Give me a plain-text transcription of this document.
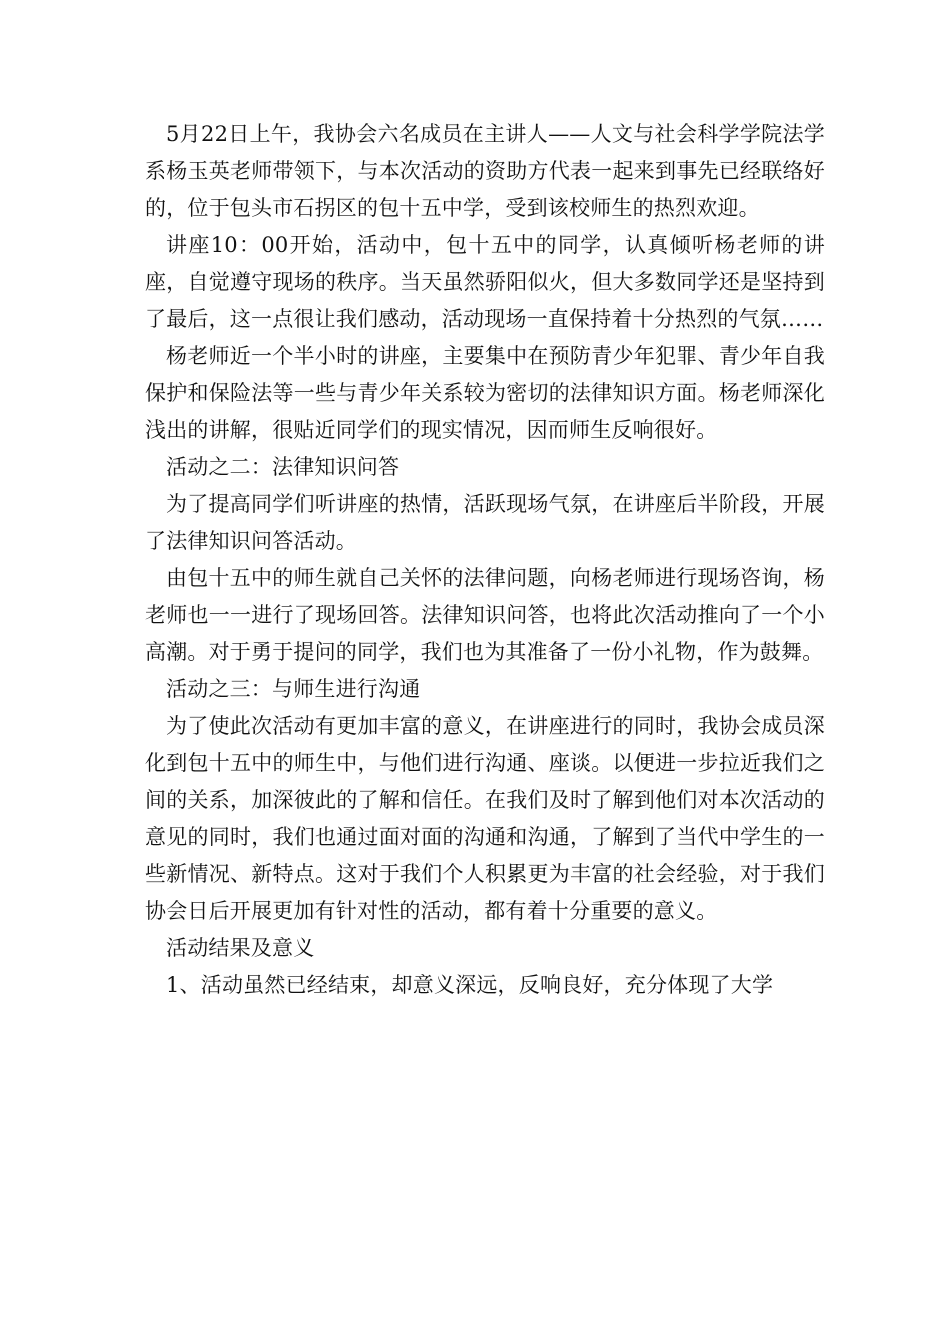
5月22日上午，我协会六名成员在主讲人——人文与社会科学学院法学系杨玉英老师带领下，与本次活动的资助方代表一起来到事先已经联络好的，位于包头市石拐区的包十五中学，受到该校师生的热烈欢迎。

讲座10：00开始，活动中，包十五中的同学，认真倾听杨老师的讲座，自觉遵守现场的秩序。当天虽然骄阳似火，但大多数同学还是坚持到了最后，这一点很让我们感动，活动现场一直保持着十分热烈的气氛……

杨老师近一个半小时的讲座，主要集中在预防青少年犯罪、青少年自我保护和保险法等一些与青少年关系较为密切的法律知识方面。杨老师深化浅出的讲解，很贴近同学们的现实情况，因而师生反响很好。

活动之二：法律知识问答

为了提高同学们听讲座的热情，活跃现场气氛，在讲座后半阶段，开展了法律知识问答活动。

由包十五中的师生就自己关怀的法律问题，向杨老师进行现场咨询，杨老师也一一进行了现场回答。法律知识问答，也将此次活动推向了一个小高潮。对于勇于提问的同学，我们也为其准备了一份小礼物，作为鼓舞。

活动之三：与师生进行沟通

为了使此次活动有更加丰富的意义，在讲座进行的同时，我协会成员深化到包十五中的师生中，与他们进行沟通、座谈。以便进一步拉近我们之间的关系，加深彼此的了解和信任。在我们及时了解到他们对本次活动的意见的同时，我们也通过面对面的沟通和沟通，了解到了当代中学生的一些新情况、新特点。这对于我们个人积累更为丰富的社会经验，对于我们协会日后开展更加有针对性的活动，都有着十分重要的意义。

活动结果及意义

1、活动虽然已经结束，却意义深远，反响良好，充分体现了大学
